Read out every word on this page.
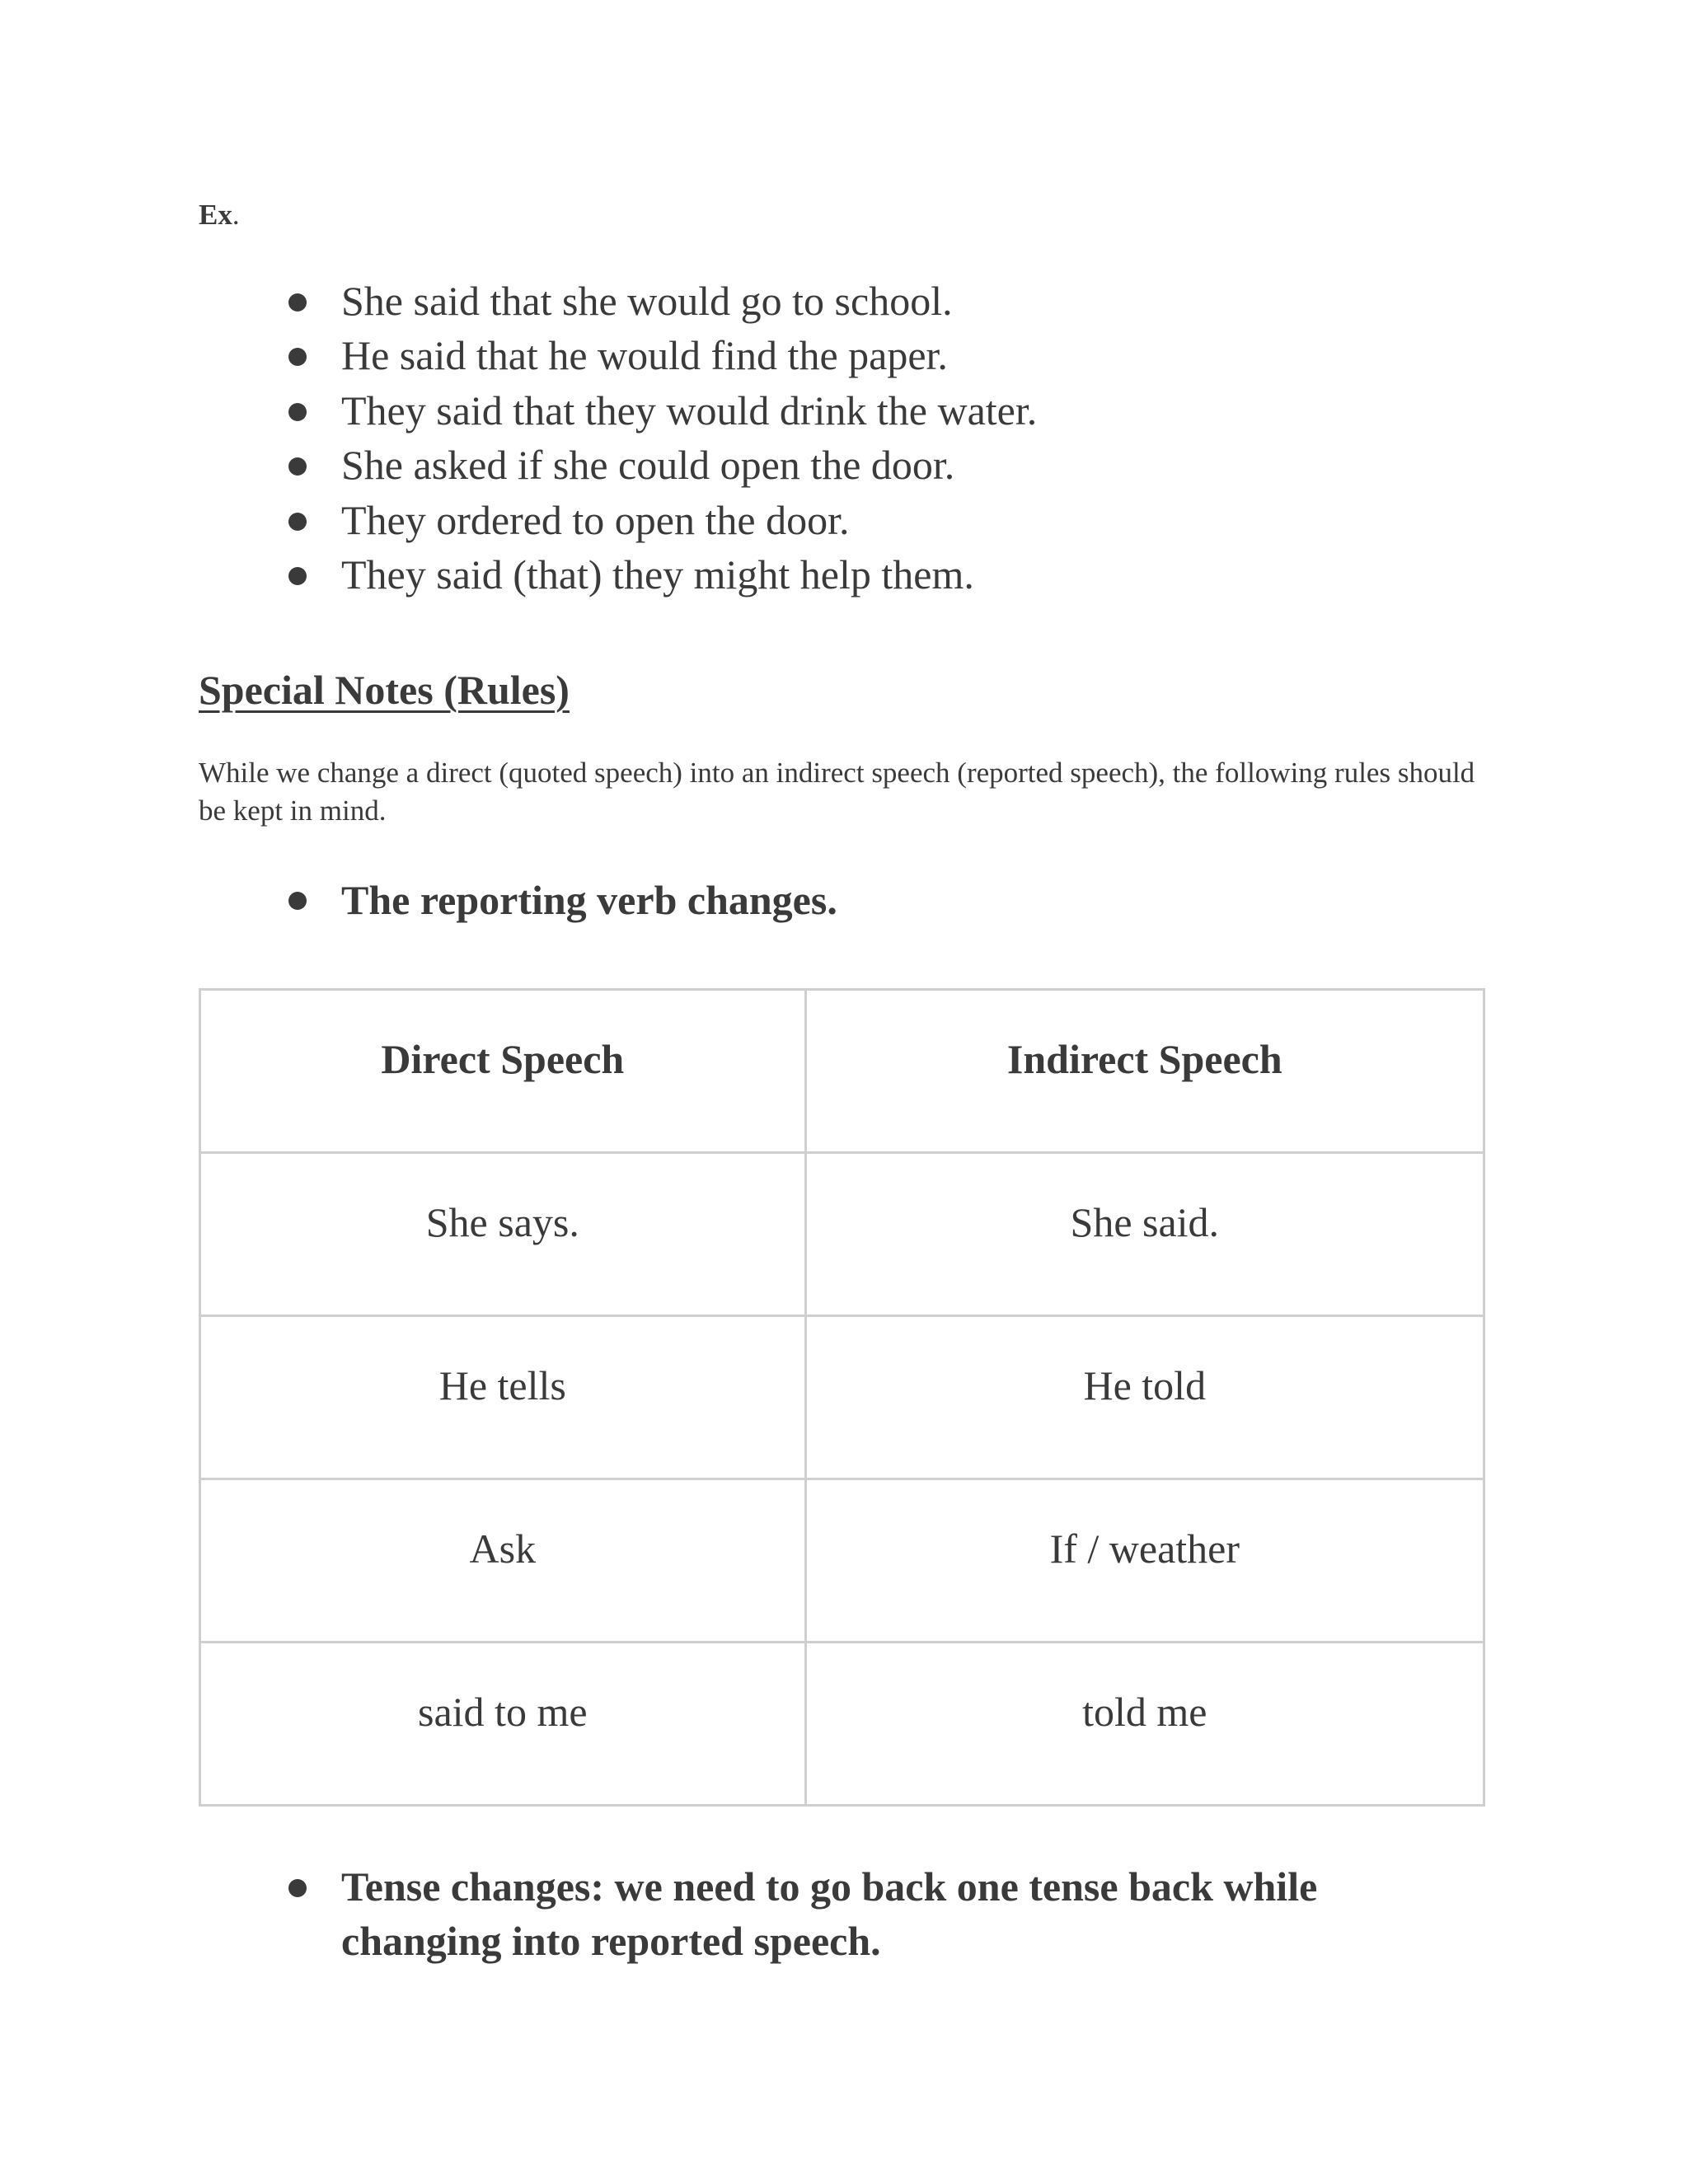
Ex.
She said that she would go to school.
He said that he would find the paper.
They said that they would drink the water.
She asked if she could open the door.
They ordered to open the door.
They said (that) they might help them.
Special Notes (Rules)
While we change a direct (quoted speech) into an indirect speech (reported speech), the following rules should be kept in mind.
The reporting verb changes.
Direct Speech	Indirect Speech
She says.	She said.
He tells	He told
Ask	If / weather
said to me	told me
Tense changes: we need to go back one tense back while changing into reported speech.
